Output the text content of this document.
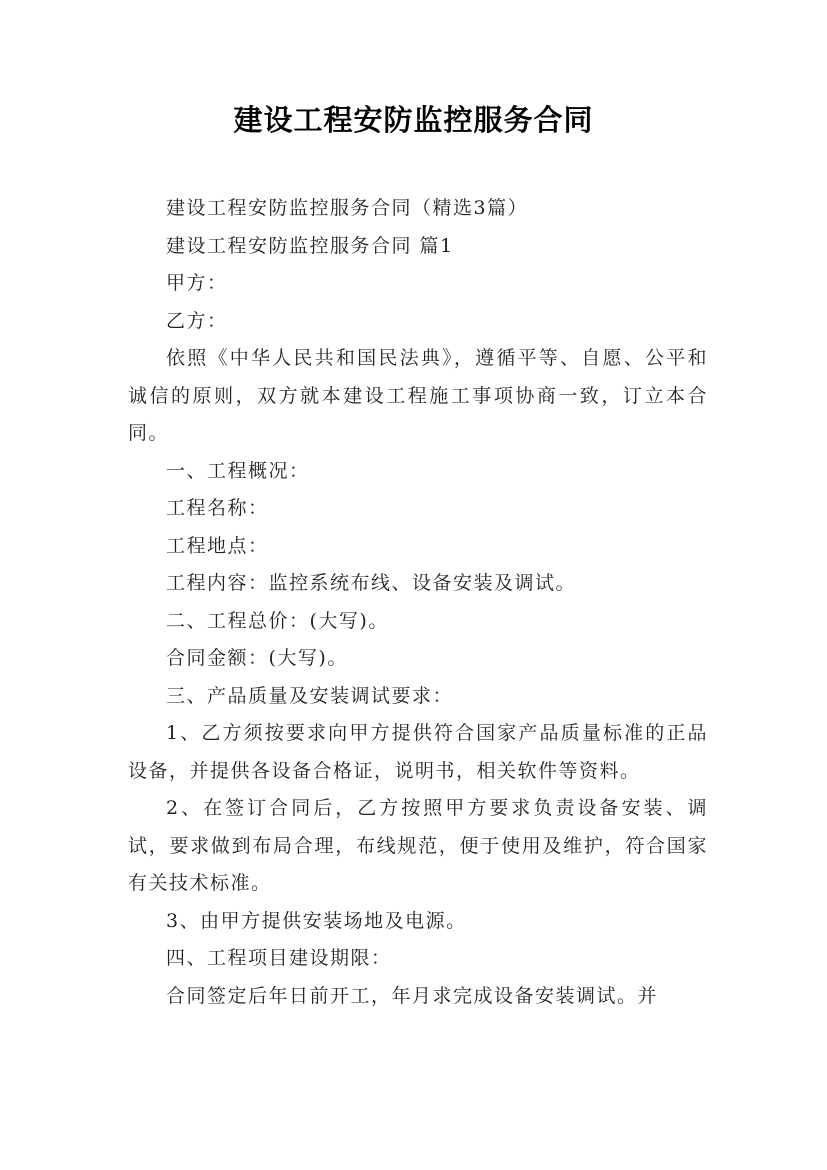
建设工程安防监控服务合同

建设工程安防监控服务合同（精选3篇）

建设工程安防监控服务合同 篇1

甲方：

乙方：

依照《中华人民共和国民法典》，遵循平等、自愿、公平和诚信的原则，双方就本建设工程施工事项协商一致，订立本合同。

一、工程概况：

工程名称：

工程地点：

工程内容：监控系统布线、设备安装及调试。

二、工程总价：(大写)。

合同金额：(大写)。

三、产品质量及安装调试要求：

1、乙方须按要求向甲方提供符合国家产品质量标准的正品设备，并提供各设备合格证，说明书，相关软件等资料。

2、在签订合同后，乙方按照甲方要求负责设备安装、调试，要求做到布局合理，布线规范，便于使用及维护，符合国家有关技术标准。

3、由甲方提供安装场地及电源。

四、工程项目建设期限：

合同签定后年日前开工，年月求完成设备安装调试。并
